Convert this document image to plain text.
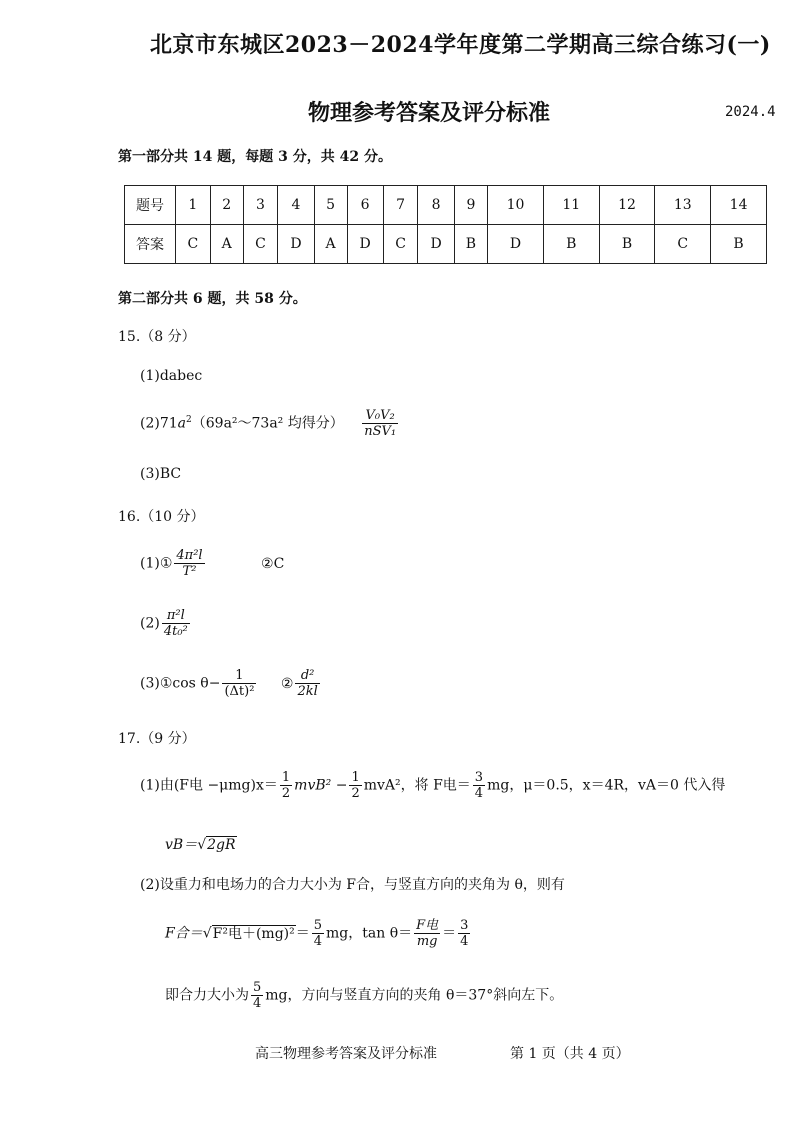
北京市东城区2023－2024学年度第二学期高三综合练习(一)
物理参考答案及评分标准	2024.4
第一部分共 14 题，每题 3 分，共 42 分。
题号	1	2	3	4	5	6	7	8	9	10	11	12	13	14
答案	C	A	C	D	A	D	C	D	B	D	B	B	C	B
第二部分共 6 题，共 58 分。
15.（8 分）
(1)dabec
$(2)71a^2(69a^2\sim 73a^2$ 均得分） $\frac{\text{V₀V₂}}{\text{nSV₁}}$
(3)BC
16.（10 分）
(1)① $\frac{\text{4π²l}}{\text{T²}}$	②C
$(2) \frac{\text{π²l}}{\text{4t₀²}}$
(3)①cos $\theta- \frac{1}{\text{(Δt)²}}$ ② $\frac{\text{d²}}{2kl}$
17.（9 分）
(1)由(F电 $-\mu mg)x= \frac{1}{2} mvB^2 - \frac{1}{2} mvA^2$，将 F电＝ $\frac{3}{4}$ mg，μ＝0.5，x＝4R，vA＝0 代入得
vB＝√2gR
(2)设重力和电场力的合力大小为 F合，与竖直方向的夹角为 θ，则有
F合＝√F²电$+(mg)^2= \frac{5}{4}$ mg，$\tan \theta= \frac{\text{F电}}{mg} = \frac{3}{4}$
即合力大小为 $\frac{5}{4}$ mg，方向与竖直方向的夹角 θ＝37°斜向左下。
高三物理参考答案及评分标准	第 1 页（共 4 页）
